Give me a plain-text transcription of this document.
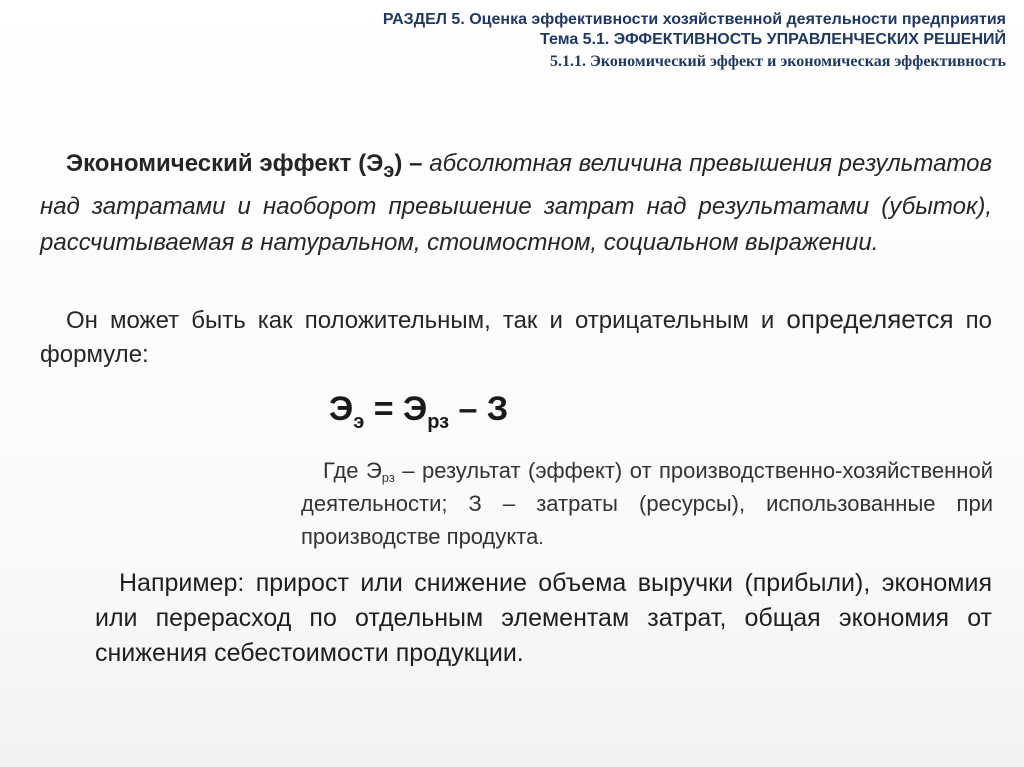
РАЗДЕЛ 5. Оценка эффективности хозяйственной деятельности предприятия
Тема 5.1. ЭФФЕКТИВНОСТЬ УПРАВЛЕНЧЕСКИХ РЕШЕНИЙ
5.1.1. Экономический эффект и экономическая эффективность
Экономический эффект $(Э_э)$ – абсолютная величина превышения результатов над затратами и наоборот превышение затрат над результатами (убыток), рассчитываемая в натуральном, стоимостном, социальном выражении.
Он может быть как положительным, так и отрицательным и определяется по формуле:
$Э_э = Э_{рз} - З$
Где $Э_{рз}$ – результат (эффект) от производственно-хозяйственной деятельности; З – затраты (ресурсы), использованные при производстве продукта.
Например: прирост или снижение объема выручки (прибыли), экономия или перерасход по отдельным элементам затрат, общая экономия от снижения себестоимости продукции.
